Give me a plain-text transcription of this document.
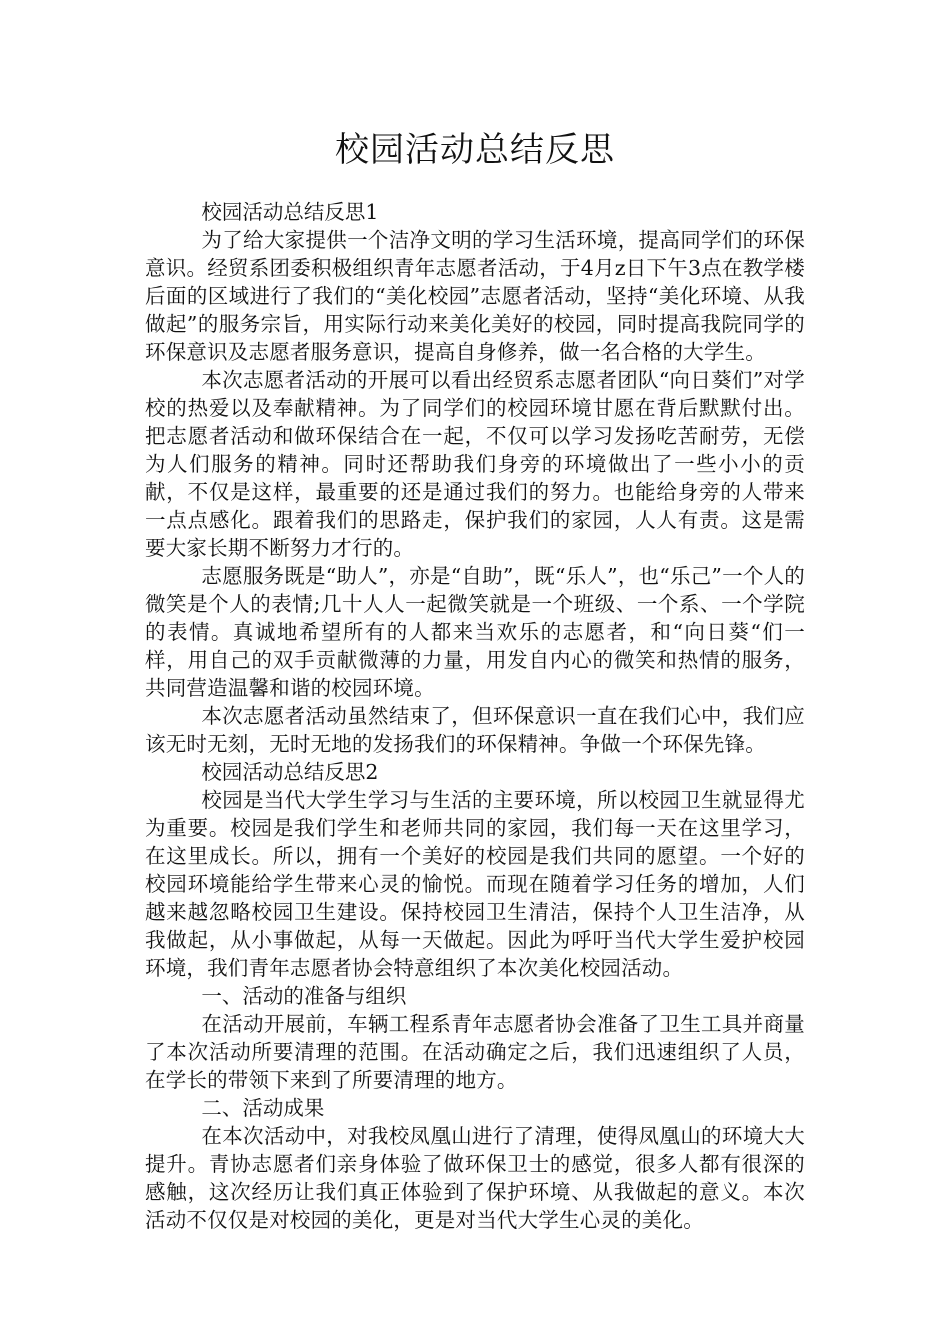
校园活动总结反思

校园活动总结反思1

为了给大家提供一个洁净文明的学习生活环境，提高同学们的环保意识。经贸系团委积极组织青年志愿者活动，于4月z日下午3点在教学楼后面的区域进行了我们的“美化校园”志愿者活动，坚持“美化环境、从我做起”的服务宗旨，用实际行动来美化美好的校园，同时提高我院同学的环保意识及志愿者服务意识，提高自身修养，做一名合格的大学生。

本次志愿者活动的开展可以看出经贸系志愿者团队“向日葵们”对学校的热爱以及奉献精神。为了同学们的校园环境甘愿在背后默默付出。把志愿者活动和做环保结合在一起，不仅可以学习发扬吃苦耐劳，无偿为人们服务的精神。同时还帮助我们身旁的环境做出了一些小小的贡献，不仅是这样，最重要的还是通过我们的努力。也能给身旁的人带来一点点感化。跟着我们的思路走，保护我们的家园，人人有责。这是需要大家长期不断努力才行的。

志愿服务既是“助人”，亦是“自助”，既“乐人”，也“乐己”一个人的微笑是个人的表情;几十人人一起微笑就是一个班级、一个系、一个学院的表情。真诚地希望所有的人都来当欢乐的志愿者，和“向日葵“们一样，用自己的双手贡献微薄的力量，用发自内心的微笑和热情的服务，共同营造温馨和谐的校园环境。

本次志愿者活动虽然结束了，但环保意识一直在我们心中，我们应该无时无刻，无时无地的发扬我们的环保精神。争做一个环保先锋。

校园活动总结反思2

校园是当代大学生学习与生活的主要环境，所以校园卫生就显得尤为重要。校园是我们学生和老师共同的家园，我们每一天在这里学习，在这里成长。所以，拥有一个美好的校园是我们共同的愿望。一个好的校园环境能给学生带来心灵的愉悦。而现在随着学习任务的增加，人们越来越忽略校园卫生建设。保持校园卫生清洁，保持个人卫生洁净，从我做起，从小事做起，从每一天做起。因此为呼吁当代大学生爱护校园环境，我们青年志愿者协会特意组织了本次美化校园活动。

一、活动的准备与组织

在活动开展前，车辆工程系青年志愿者协会准备了卫生工具并商量了本次活动所要清理的范围。在活动确定之后，我们迅速组织了人员，在学长的带领下来到了所要清理的地方。

二、活动成果

在本次活动中，对我校凤凰山进行了清理，使得凤凰山的环境大大提升。青协志愿者们亲身体验了做环保卫士的感觉，很多人都有很深的感触，这次经历让我们真正体验到了保护环境、从我做起的意义。本次活动不仅仅是对校园的美化，更是对当代大学生心灵的美化。
